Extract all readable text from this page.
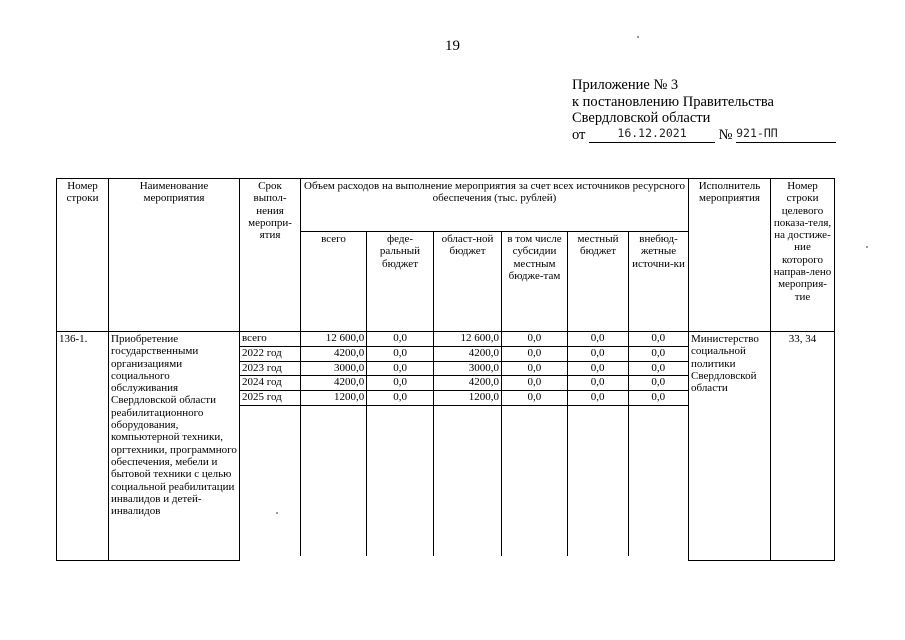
19
Приложение № 3
к постановлению Правительства
Свердловской области
от	16.12.2021 № 921-ПП
Номер строки	Наименование мероприятия	Срок выпол-нения меропри-ятия	Объем расходов на выполнение мероприятия за счет всех источников ресурсного обеспечения (тыс. рублей)	Исполнитель мероприятия	Номер строки целевого показа-теля, на достиже-ние которого направ-лено мероприя-тие
всего	феде-ральный бюджет	област-ной бюджет	в том числе субсидии местным бюдже-там	местный бюджет	внебюд-жетные источни-ки
136-1.	Приобретение государственными организациями социального обслуживания Свердловской области реабилитационного оборудования, компьютерной техники, оргтехники, программного обеспечения, мебели и бытовой техники с целью социальной реабилитации инвалидов и детей-инвалидов	
всего	12 600,0	0,0	12 600,0	0,0	0,0	0,0
2022 год	4200,0	0,0	4200,0	0,0	0,0	0,0
2023 год	3000,0	0,0	3000,0	0,0	0,0	0,0
2024 год	4200,0	0,0	4200,0	0,0	0,0	0,0
2025 год	1200,0	0,0	1200,0	0,0	0,0	0,0

	Министерство социальной политики Свердловской области	33, 34
